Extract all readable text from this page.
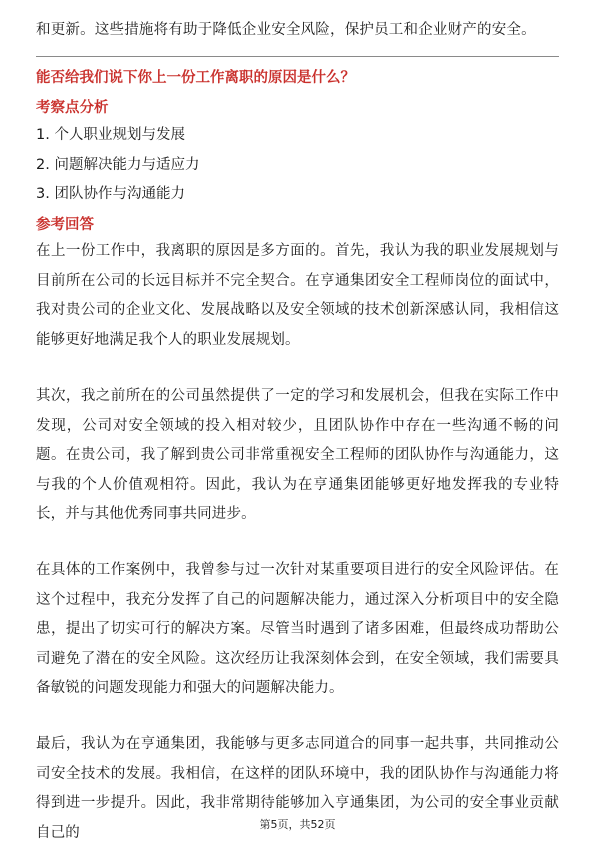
和更新。这些措施将有助于降低企业安全风险，保护员工和企业财产的安全。
能否给我们说下你上一份工作离职的原因是什么？
考察点分析
1. 个人职业规划与发展
2. 问题解决能力与适应力
3. 团队协作与沟通能力
参考回答
在上一份工作中，我离职的原因是多方面的。首先，我认为我的职业发展规划与目前所在公司的长远目标并不完全契合。在亨通集团安全工程师岗位的面试中，我对贵公司的企业文化、发展战略以及安全领域的技术创新深感认同，我相信这能够更好地满足我个人的职业发展规划。
其次，我之前所在的公司虽然提供了一定的学习和发展机会，但我在实际工作中发现，公司对安全领域的投入相对较少，且团队协作中存在一些沟通不畅的问题。在贵公司，我了解到贵公司非常重视安全工程师的团队协作与沟通能力，这与我的个人价值观相符。因此，我认为在亨通集团能够更好地发挥我的专业特长，并与其他优秀同事共同进步。
在具体的工作案例中，我曾参与过一次针对某重要项目进行的安全风险评估。在这个过程中，我充分发挥了自己的问题解决能力，通过深入分析项目中的安全隐患，提出了切实可行的解决方案。尽管当时遇到了诸多困难，但最终成功帮助公司避免了潜在的安全风险。这次经历让我深刻体会到，在安全领域，我们需要具备敏锐的问题发现能力和强大的问题解决能力。
最后，我认为在亨通集团，我能够与更多志同道合的同事一起共事，共同推动公司安全技术的发展。我相信，在这样的团队环境中，我的团队协作与沟通能力将得到进一步提升。因此，我非常期待能够加入亨通集团，为公司的安全事业贡献自己的	第5页，共52页
